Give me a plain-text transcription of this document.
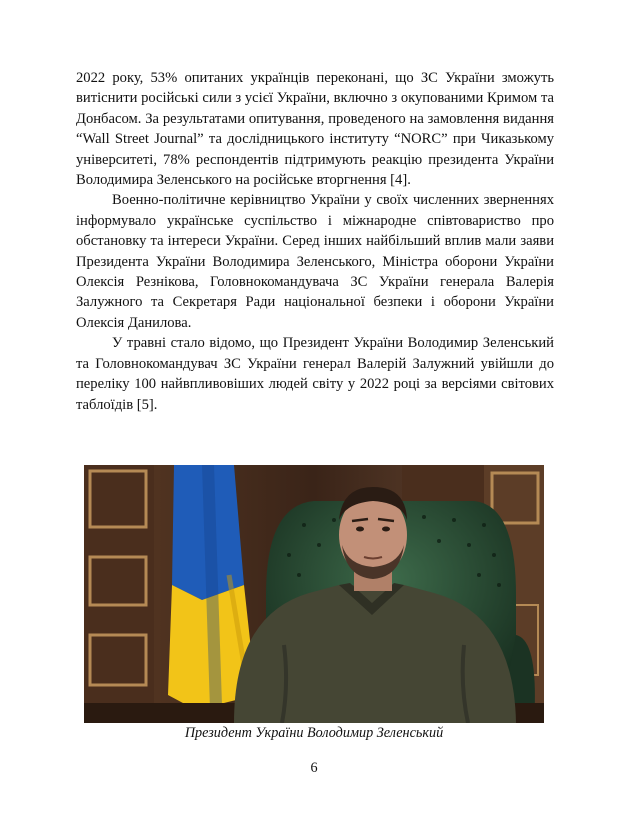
2022 року, 53% опитаних українців переконані, що ЗС України зможуть витіснити російські сили з усієї України, включно з окупованими Кримом та Донбасом. За результатами опитування, проведеного на замовлення видання “Wall Street Journal” та дослідницького інституту “NORC” при Чиказькому університеті, 78% респондентів підтримують реакцію президента України Володимира Зеленського на російське вторгнення [4].

Военно-політичне керівництво України у своїх численних зверненнях інформувало українське суспільство і міжнародне співтовариство про обстановку та інтереси України. Серед інших найбільший вплив мали заяви Президента України Володимира Зеленського, Міністра оборони України Олексія Резнікова, Головнокомандувача ЗС України генерала Валерія Залужного та Секретаря Ради національної безпеки і оборони України Олексія Данилова.

У травні стало відомо, що Президент України Володимир Зеленський та Головнокомандувач ЗС України генерал Валерій Залужний увійшли до переліку 100 найвпливовіших людей світу у 2022 році за версіями світових таблоїдів [5].

Президент України Володимир Зеленський
6
